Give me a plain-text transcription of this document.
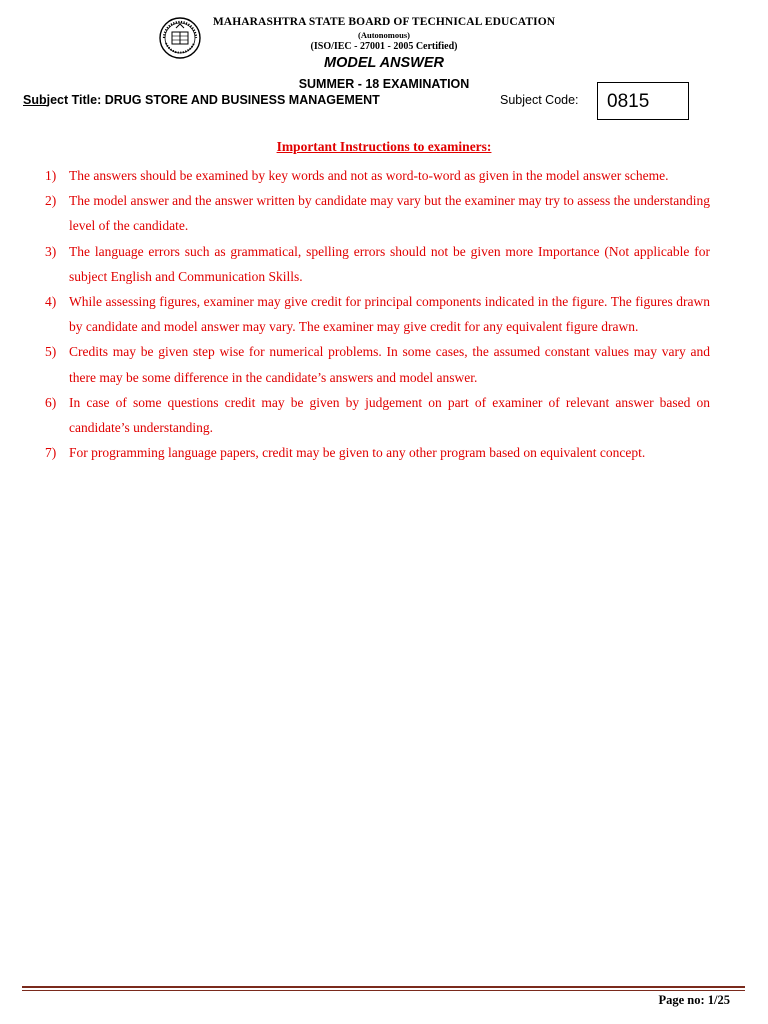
MAHARASHTRA STATE BOARD OF TECHNICAL EDUCATION
(Autonomous)
(ISO/IEC - 27001 - 2005 Certified)
MODEL ANSWER
SUMMER - 18 EXAMINATION
Subject Title: DRUG STORE AND BUSINESS MANAGEMENT	Subject Code:	0815
Important Instructions to examiners:
1) The answers should be examined by key words and not as word-to-word as given in the model answer scheme.
2) The model answer and the answer written by candidate may vary but the examiner may try to assess the understanding level of the candidate.
3) The language errors such as grammatical, spelling errors should not be given more Importance (Not applicable for subject English and Communication Skills.
4) While assessing figures, examiner may give credit for principal components indicated in the figure. The figures drawn by candidate and model answer may vary. The examiner may give credit for any equivalent figure drawn.
5) Credits may be given step wise for numerical problems. In some cases, the assumed constant values may vary and there may be some difference in the candidate’s answers and model answer.
6) In case of some questions credit may be given by judgement on part of examiner of relevant answer based on candidate’s understanding.
7) For programming language papers, credit may be given to any other program based on equivalent concept.
Page no: 1/25
